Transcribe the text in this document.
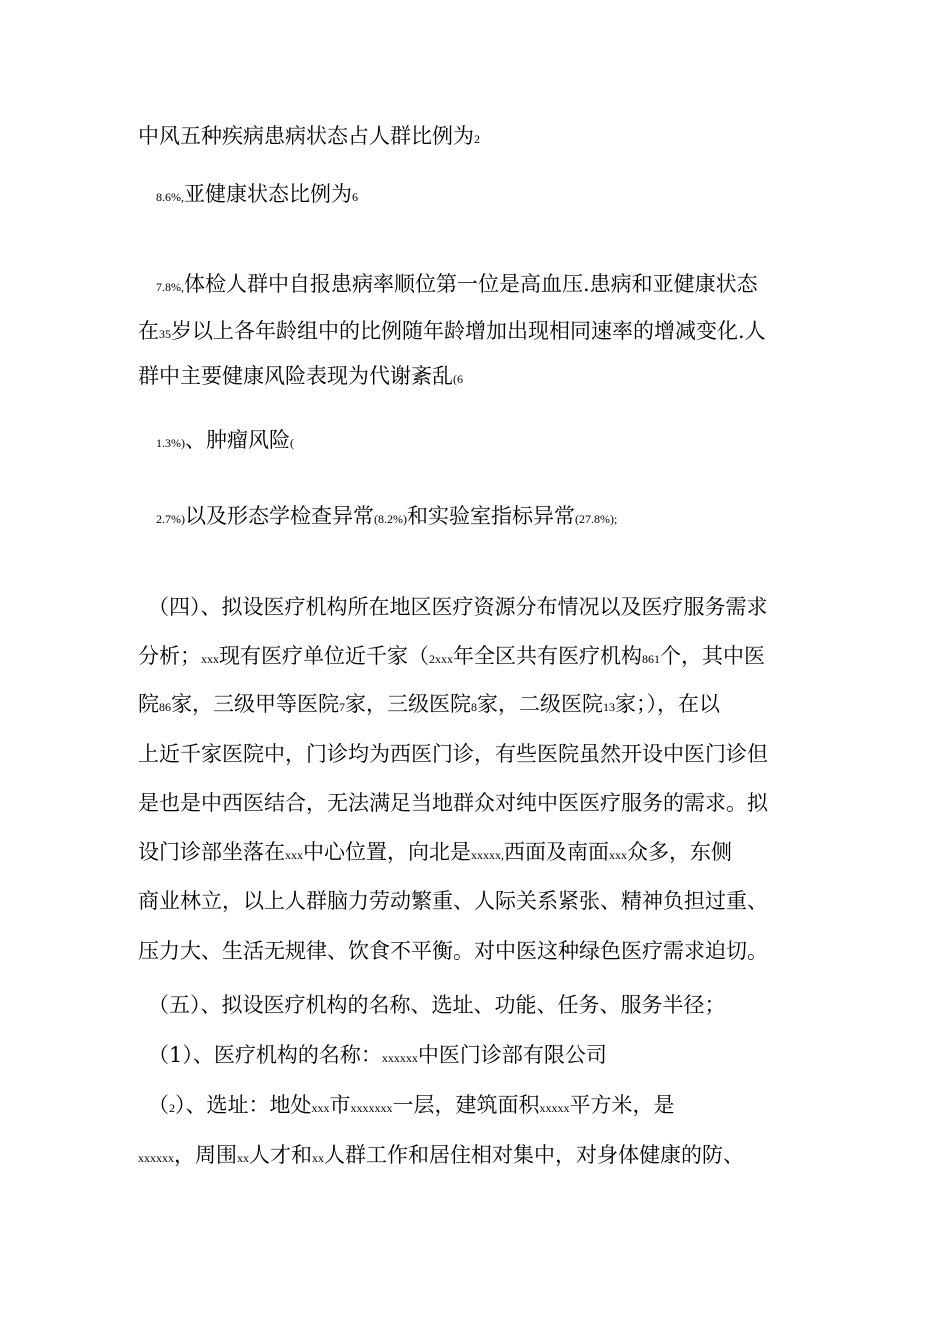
中风五种疾病患病状态占人群比例为2
8.6%,亚健康状态比例为6
7.8%,体检人群中自报患病率顺位第一位是高血压.患病和亚健康状态
在35岁以上各年龄组中的比例随年龄增加出现相同速率的增减变化.人
群中主要健康风险表现为代谢紊乱(6
1.3%)、肿瘤风险(
2.7%)以及形态学检查异常(8.2%)和实验室指标异常(27.8%);
（四）、拟设医疗机构所在地区医疗资源分布情况以及医疗服务需求
分析；xxx现有医疗单位近千家（2xxx年全区共有医疗机构861个，其中医
院86家，三级甲等医院7家，三级医院8家，二级医院13家；），在以
上近千家医院中，门诊均为西医门诊，有些医院虽然开设中医门诊但
是也是中西医结合，无法满足当地群众对纯中医医疗服务的需求。拟
设门诊部坐落在xxx中心位置，向北是xxxxx,西面及南面xxx众多，东侧
商业林立，以上人群脑力劳动繁重、人际关系紧张、精神负担过重、
压力大、生活无规律、饮食不平衡。对中医这种绿色医疗需求迫切。
（五）、拟设医疗机构的名称、选址、功能、任务、服务半径；
（1）、医疗机构的名称：xxxxxx中医门诊部有限公司
（2）、选址：地处xxx市xxxxxxx一层，建筑面积xxxxx平方米，是
xxxxxx，周围xx人才和xx人群工作和居住相对集中，对身体健康的防、
